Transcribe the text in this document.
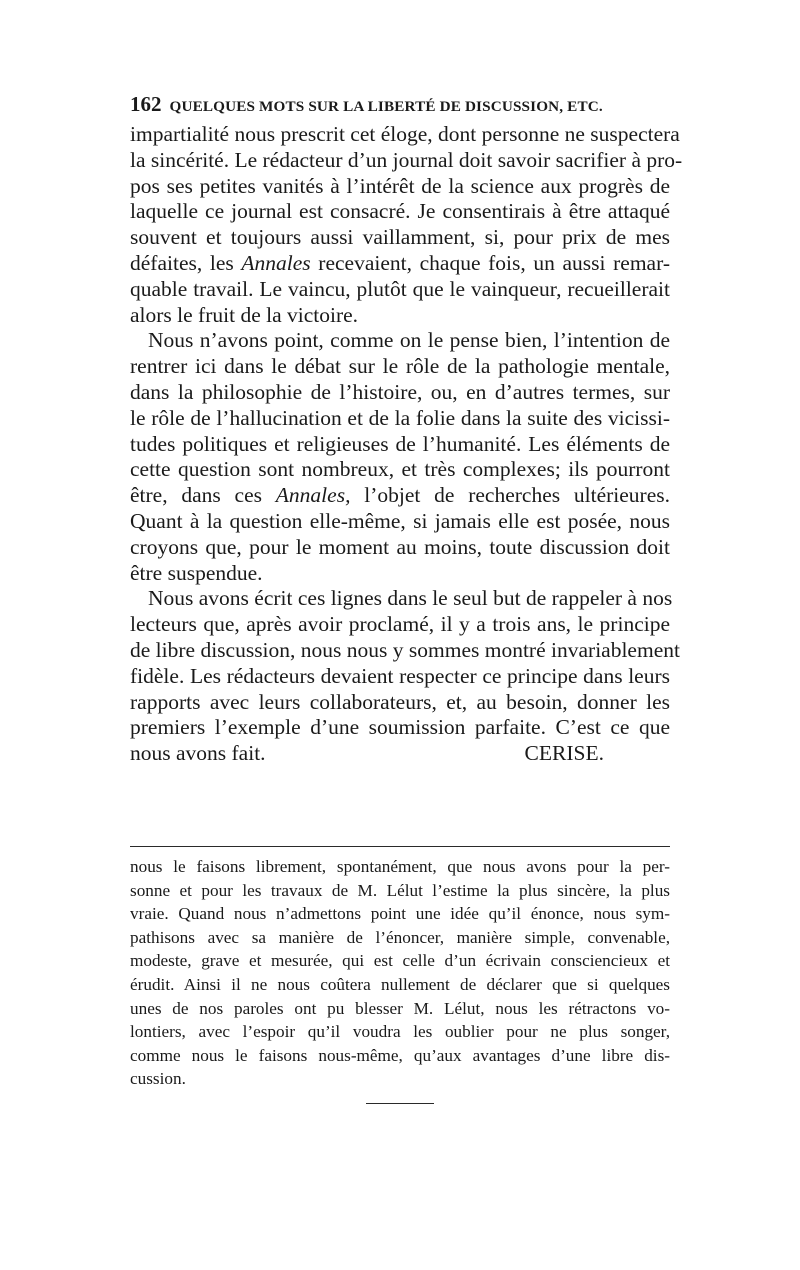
162 QUELQUES MOTS SUR LA LIBERTÉ DE DISCUSSION, ETC.
impartialité nous prescrit cet éloge, dont personne ne suspectera
la sincérité. Le rédacteur d’un journal doit savoir sacrifier à pro-
pos ses petites vanités à l’intérêt de la science aux progrès de
laquelle ce journal est consacré. Je consentirais à être attaqué
souvent et toujours aussi vaillamment, si, pour prix de mes
défaites, les Annales recevaient, chaque fois, un aussi remar-
quable travail. Le vaincu, plutôt que le vainqueur, recueillerait
alors le fruit de la victoire.
Nous n’avons point, comme on le pense bien, l’intention de
rentrer ici dans le débat sur le rôle de la pathologie mentale,
dans la philosophie de l’histoire, ou, en d’autres termes, sur
le rôle de l’hallucination et de la folie dans la suite des vicissi-
tudes politiques et religieuses de l’humanité. Les éléments de
cette question sont nombreux, et très complexes; ils pourront
être, dans ces Annales, l’objet de recherches ultérieures.
Quant à la question elle-même, si jamais elle est posée, nous
croyons que, pour le moment au moins, toute discussion doit
être suspendue.
Nous avons écrit ces lignes dans le seul but de rappeler à nos
lecteurs que, après avoir proclamé, il y a trois ans, le principe
de libre discussion, nous nous y sommes montré invariablement
fidèle. Les rédacteurs devaient respecter ce principe dans leurs
rapports avec leurs collaborateurs, et, au besoin, donner les
premiers l’exemple d’une soumission parfaite. C’est ce que
nous avons fait.	CERISE.
nous le faisons librement, spontanément, que nous avons pour la per-
sonne et pour les travaux de M. Lélut l’estime la plus sincère, la plus
vraie. Quand nous n’admettons point une idée qu’il énonce, nous sym-
pathisons avec sa manière de l’énoncer, manière simple, convenable,
modeste, grave et mesurée, qui est celle d’un écrivain consciencieux et
érudit. Ainsi il ne nous coûtera nullement de déclarer que si quelques
unes de nos paroles ont pu blesser M. Lélut, nous les rétractons vo-
lontiers, avec l’espoir qu’il voudra les oublier pour ne plus songer,
comme nous le faisons nous-même, qu’aux avantages d’une libre dis-
cussion.
